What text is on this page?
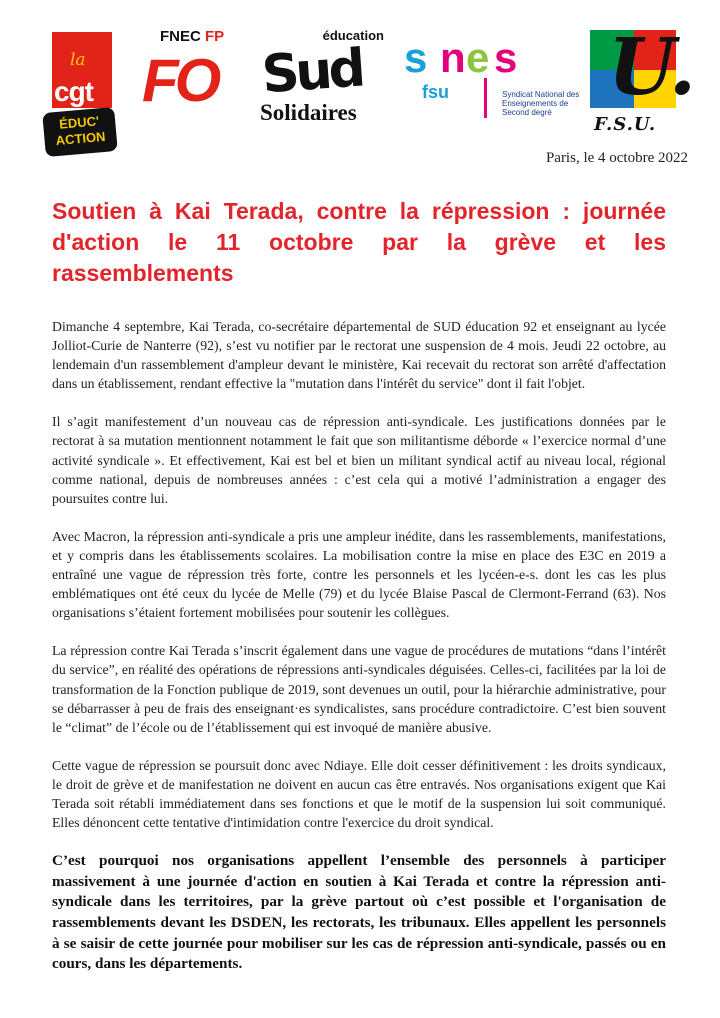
la
cgt
ÉDUC'
ACTION
FNEC FP
FO
éducation
Sud
Solidaires
s n e s
fsu	Syndicat National des Enseignements de Second degré U.
F.S.U.
Paris, le 4 octobre 2022
Soutien à Kai Terada, contre la répression : journée d'action le 11 octobre par la grève et les rassemblements

Dimanche 4 septembre, Kai Terada, co-secrétaire départemental de SUD éducation 92 et enseignant au lycée Jolliot-Curie de Nanterre (92), s’est vu notifier par le rectorat une suspension de 4 mois. Jeudi 22 octobre, au lendemain d'un rassemblement d'ampleur devant le ministère, Kai recevait du rectorat son arrêté d'affectation dans un établissement, rendant effective la "mutation dans l'intérêt du service" dont il fait l'objet.

Il s’agit manifestement d’un nouveau cas de répression anti-syndicale. Les justifications données par le rectorat à sa mutation mentionnent notamment le fait que son militantisme déborde « l’exercice normal d’une activité syndicale ». Et effectivement, Kai est bel et bien un militant syndical actif au niveau local, régional comme national, depuis de nombreuses années : c’est cela qui a motivé l’administration a engager des poursuites contre lui.

Avec Macron, la répression anti-syndicale a pris une ampleur inédite, dans les rassemblements, manifestations, et y compris dans les établissements scolaires. La mobilisation contre la mise en place des E3C en 2019 a entraîné une vague de répression très forte, contre les personnels et les lycéen-e-s. dont les cas les plus emblématiques ont été ceux du lycée de Melle (79) et du lycée Blaise Pascal de Clermont-Ferrand (63). Nos organisations s’étaient fortement mobilisées pour soutenir les collègues.

La répression contre Kai Terada s’inscrit également dans une vague de procédures de mutations “dans l’intérêt du service”, en réalité des opérations de répressions anti-syndicales déguisées. Celles-ci, facilitées par la loi de transformation de la Fonction publique de 2019, sont devenues un outil, pour la hiérarchie administrative, pour se débarrasser à peu de frais des enseignant·es syndicalistes, sans procédure contradictoire. C’est bien souvent le “climat” de l’école ou de l’établissement qui est invoqué de manière abusive.

Cette vague de répression se poursuit donc avec Ndiaye. Elle doit cesser définitivement : les droits syndicaux, le droit de grève et de manifestation ne doivent en aucun cas être entravés. Nos organisations exigent que Kai Terada soit rétabli immédiatement dans ses fonctions et que le motif de la suspension lui soit communiqué. Elles dénoncent cette tentative d'intimidation contre l'exercice du droit syndical.

C’est pourquoi nos organisations appellent l’ensemble des personnels à participer massivement à une journée d'action en soutien à Kai Terada et contre la répression anti-syndicale dans les territoires, par la grève partout où c’est possible et l'organisation de rassemblements devant les DSDEN, les rectorats, les tribunaux. Elles appellent les personnels à se saisir de cette journée pour mobiliser sur les cas de répression anti-syndicale, passés ou en cours, dans les départements.
